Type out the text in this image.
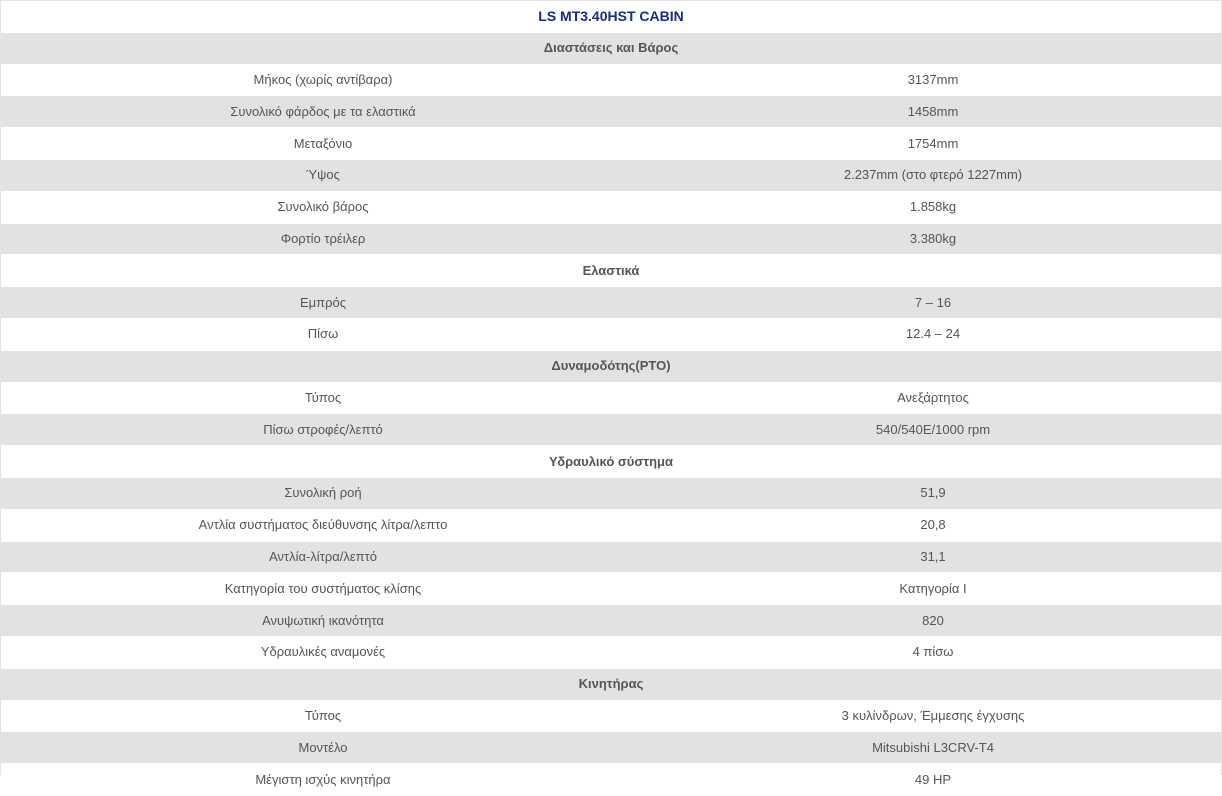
LS MT3.40HST CABIN	
Διαστάσεις και Βάρος	
Μήκος (χωρίς αντίβαρα)	3137mm
Συνολικό φάρδος με τα ελαστικά	1458mm
Μεταξόνιο	1754mm
Ύψος	2.237mm (στο φτερό 1227mm)
Συνολικό βάρος	1.858kg
Φορτίο τρέιλερ	3.380kg
Ελαστικά	
Εμπρός	7 – 16
Πίσω	12.4 – 24
Δυναμοδότης(PTO)	
Τύπος	Ανεξάρτητος
Πίσω στροφές/λεπτό	540/540E/1000 rpm
Υδραυλικό σύστημα	
Συνολική ροή	51,9
Αντλία συστήματος διεύθυνσης λίτρα/λεπτο	20,8
Αντλία-λίτρα/λεπτό	31,1
Κατηγορία του συστήματος κλίσης	Κατηγορία Ι
Ανυψωτική ικανότητα	820
Υδραυλικές αναμονές	4 πίσω
Κινητήρας	
Τύπος	3 κυλίνδρων, Έμμεσης έγχυσης
Μοντέλο	Mitsubishi L3CRV-T4
Μέγιστη ισχύς κινητήρα	49 HP
